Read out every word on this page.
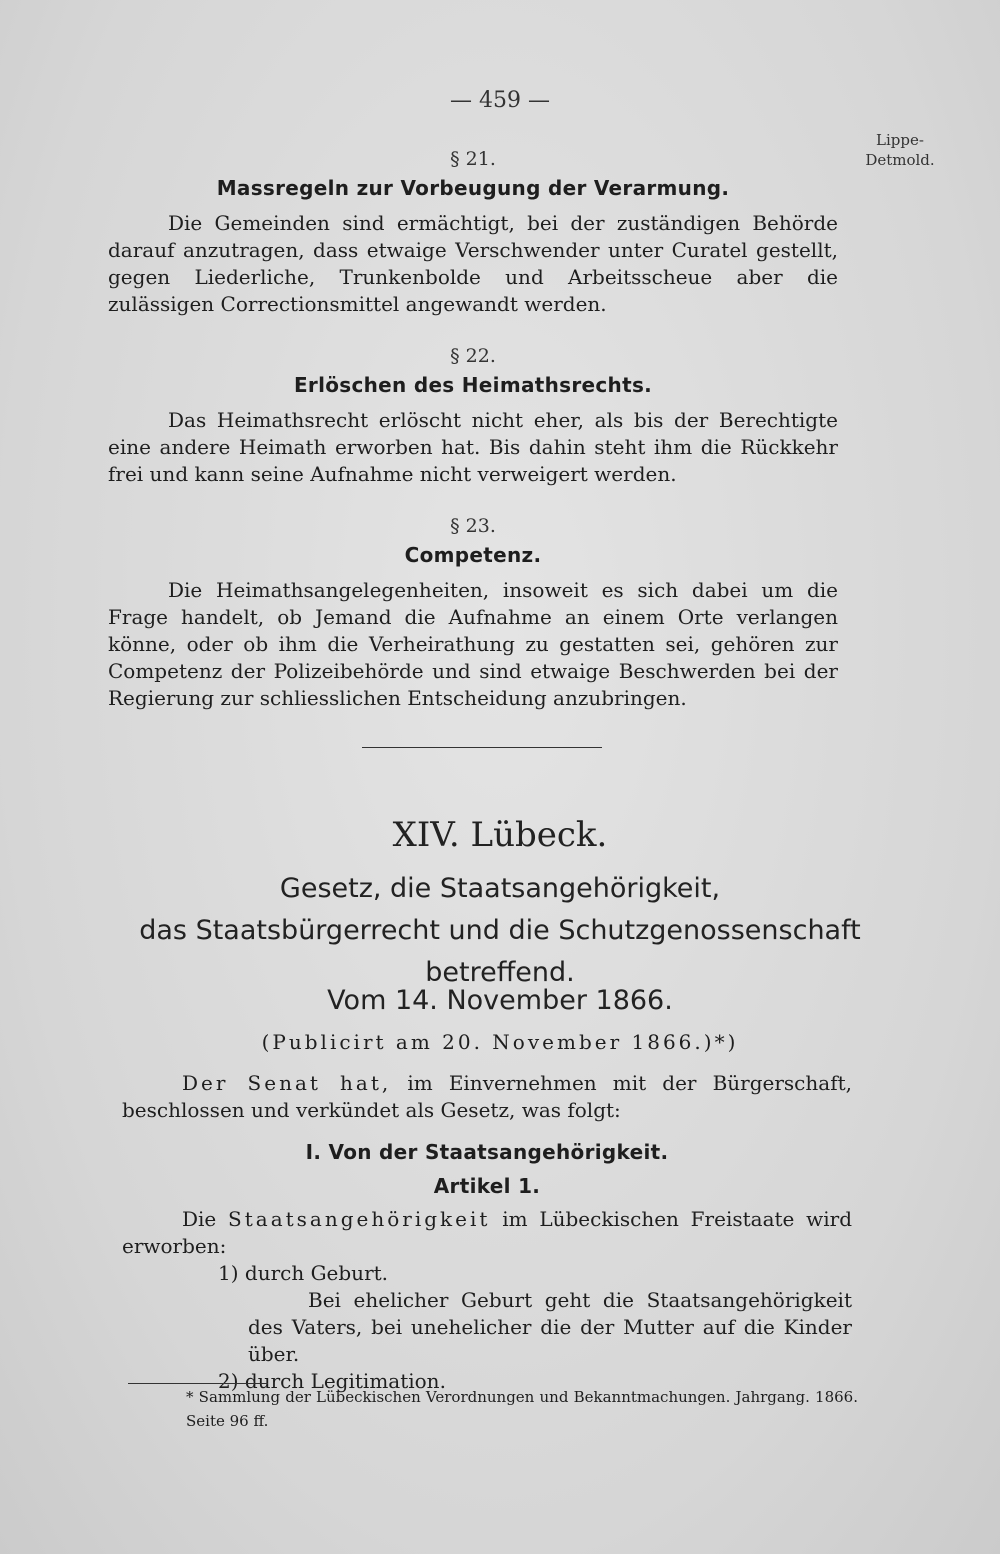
— 459 —
Lippe-
Detmold.

§ 21.

Massregeln zur Vorbeugung der Verarmung.

Die Gemeinden sind ermächtigt, bei der zuständigen Behörde darauf anzutragen, dass etwaige Verschwender unter Curatel gestellt, gegen Liederliche, Trunkenbolde und Arbeitsscheue aber die zulässigen Correctionsmittel angewandt werden.

§ 22.

Erlöschen des Heimathsrechts.

Das Heimathsrecht erlöscht nicht eher, als bis der Berechtigte eine andere Heimath erworben hat. Bis dahin steht ihm die Rückkehr frei und kann seine Aufnahme nicht verweigert werden.

§ 23.

Competenz.

Die Heimathsangelegenheiten, insoweit es sich dabei um die Frage handelt, ob Jemand die Aufnahme an einem Orte verlangen könne, oder ob ihm die Verheirathung zu gestatten sei, gehören zur Competenz der Polizeibehörde und sind etwaige Beschwerden bei der Regierung zur schliesslichen Entscheidung anzubringen.

XIV. Lübeck.
Gesetz, die Staatsangehörigkeit,
das Staatsbürgerrecht und die Schutzgenossenschaft
betreffend.
Vom 14. November 1866.
(Publicirt am 20. November 1866.)*)

Der Senat hat, im Einvernehmen mit der Bürgerschaft, beschlossen und verkündet als Gesetz, was folgt:

I. Von der Staatsangehörigkeit.

Artikel 1.

Die Staatsangehörigkeit im Lübeckischen Freistaate wird erworben:

1) durch Geburt.

Bei ehelicher Geburt geht die Staatsangehörigkeit des Vaters, bei unehelicher die der Mutter auf die Kinder über.

2) durch Legitimation.

* Sammlung der Lübeckischen Verordnungen und Bekanntmachungen. Jahrgang. 1866. Seite 96 ff.
